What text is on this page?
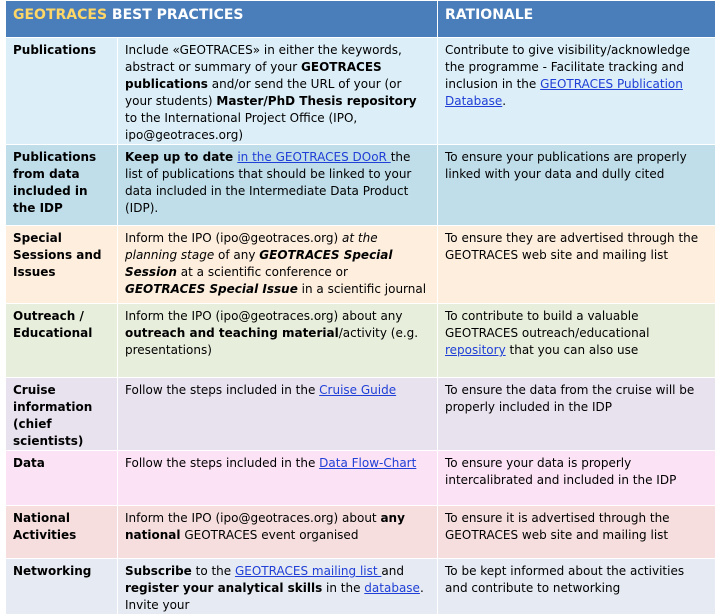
GEOTRACES BEST PRACTICES		RATIONALE
Publications	Include «GEOTRACES» in either the keywords, abstract or summary of your GEOTRACES publications and/or send the URL of your (or your students) Master/PhD Thesis repository to the International Project Office (IPO, ipo@geotraces.org)	Contribute to give visibility/acknowledge the programme - Facilitate tracking and inclusion in the GEOTRACES Publication Database.
Publications from data included in the IDP	Keep up to date in the GEOTRACES DOoR the list of publications that should be linked to your data included in the Intermediate Data Product (IDP).	To ensure your publications are properly linked with your data and dully cited
Special Sessions and Issues	Inform the IPO (ipo@geotraces.org) at the planning stage of any GEOTRACES Special Session at a scientific conference or GEOTRACES Special Issue in a scientific journal	To ensure they are advertised through the GEOTRACES web site and mailing list
Outreach / Educational	Inform the IPO (ipo@geotraces.org) about any outreach and teaching material/activity (e.g. presentations)	To contribute to build a valuable GEOTRACES outreach/educational repository that you can also use
Cruise information (chief scientists)	Follow the steps included in the Cruise Guide	To ensure the data from the cruise will be properly included in the IDP
Data	Follow the steps included in the Data Flow-Chart	To ensure your data is properly intercalibrated and included in the IDP
National Activities	Inform the IPO (ipo@geotraces.org) about any national GEOTRACES event organised	To ensure it is advertised through the GEOTRACES web site and mailing list
Networking	Subscribe to the GEOTRACES mailing list and register your analytical skills in the database. Invite your	To be kept informed about the activities and contribute to networking
